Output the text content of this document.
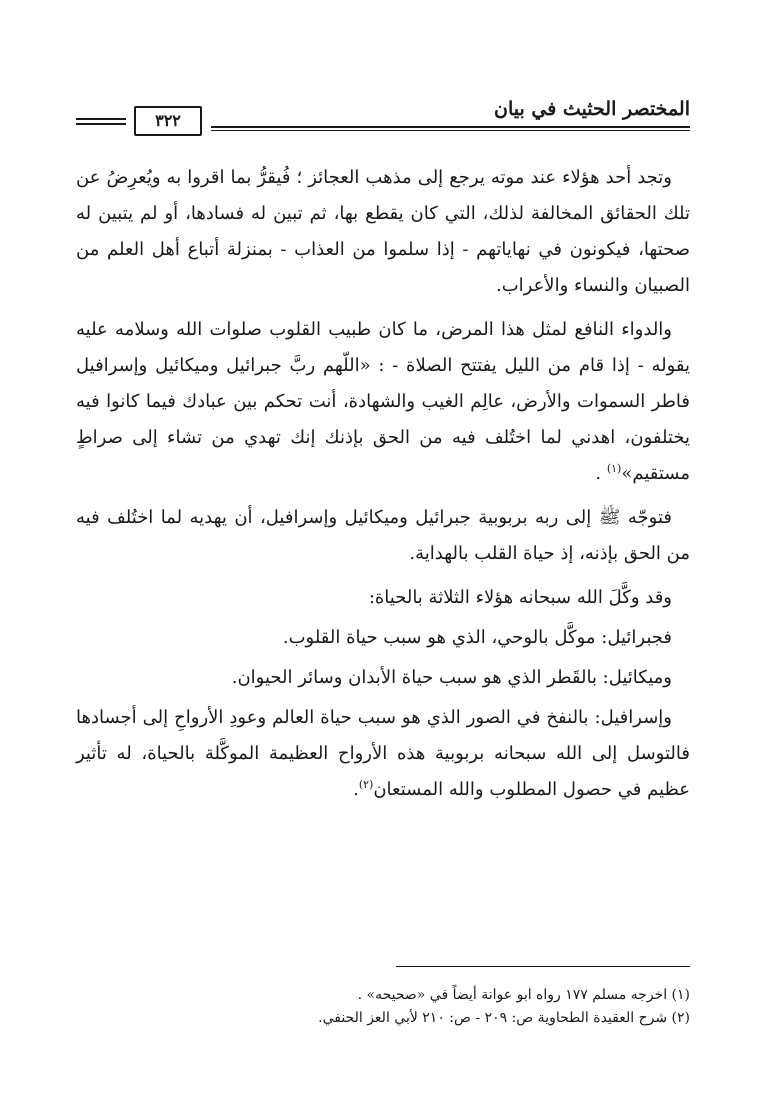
المختصر الحثيث في بيان
٣٢٢

وتجد أحد هؤلاء عند موته يرجع إلى مذهب العجائز ؛ فُيقرُّ بما اقروا به ويُعرِضُ عن تلك الحقائق المخالفة لذلك، التي كان يقطع بها، ثم تبين له فسادها، أو لم يتبين له صحتها، فيكونون في نهاياتهم - إذا سلموا من العذاب - بمنزلة أتباع أهل العلم من الصبيان والنساء والأعراب.

والدواء النافع لمثل هذا المرض، ما كان طبيب القلوب صلوات الله وسلامه عليه يقوله - إذا قام من الليل يفتتح الصلاة - : «اللّهم ربَّ جبرائيل وميكائيل وإسرافيل فاطر السموات والأرض، عالِم الغيب والشهادة، أنت تحكم بين عبادك فيما كانوا فيه يختلفون، اهدني لما اختُلف فيه من الحق بإذنك إنك تهدي من تشاء إلى صراطٍ مستقيم»$^{(١)}$ .

فتوجّه ﷺ إلى ربه بربوبية جبرائيل وميكائيل وإسرافيل، أن يهديه لما اختُلف فيه من الحق بإذنه، إذ حياة القلب بالهداية.

وقد وكَّلَ الله سبحانه هؤلاء الثلاثة بالحياة:

فجبرائيل: موكَّل بالوحي، الذي هو سبب حياة القلوب.

وميكائيل: بالقَطر الذي هو سبب حياة الأبدان وسائر الحيوان.

وإسرافيل: بالنفخ في الصور الذي هو سبب حياة العالم وعودِ الأرواحِ إلى أجسادها فالتوسل إلى الله سبحانه بربوبية هذه الأرواح العظيمة الموكَّلة بالحياة، له تأثير عظيم في حصول المطلوب والله المستعان$^{(٢)}$.

(١) اخرجه مسلم ١٧٧ رواه ابو عوانة أيضاً في «صحيحه» .

(٢) شرح العقيدة الطحاوية ص: ٢٠٩ - ص: ٢١٠ لأبي العز الحنفي.
